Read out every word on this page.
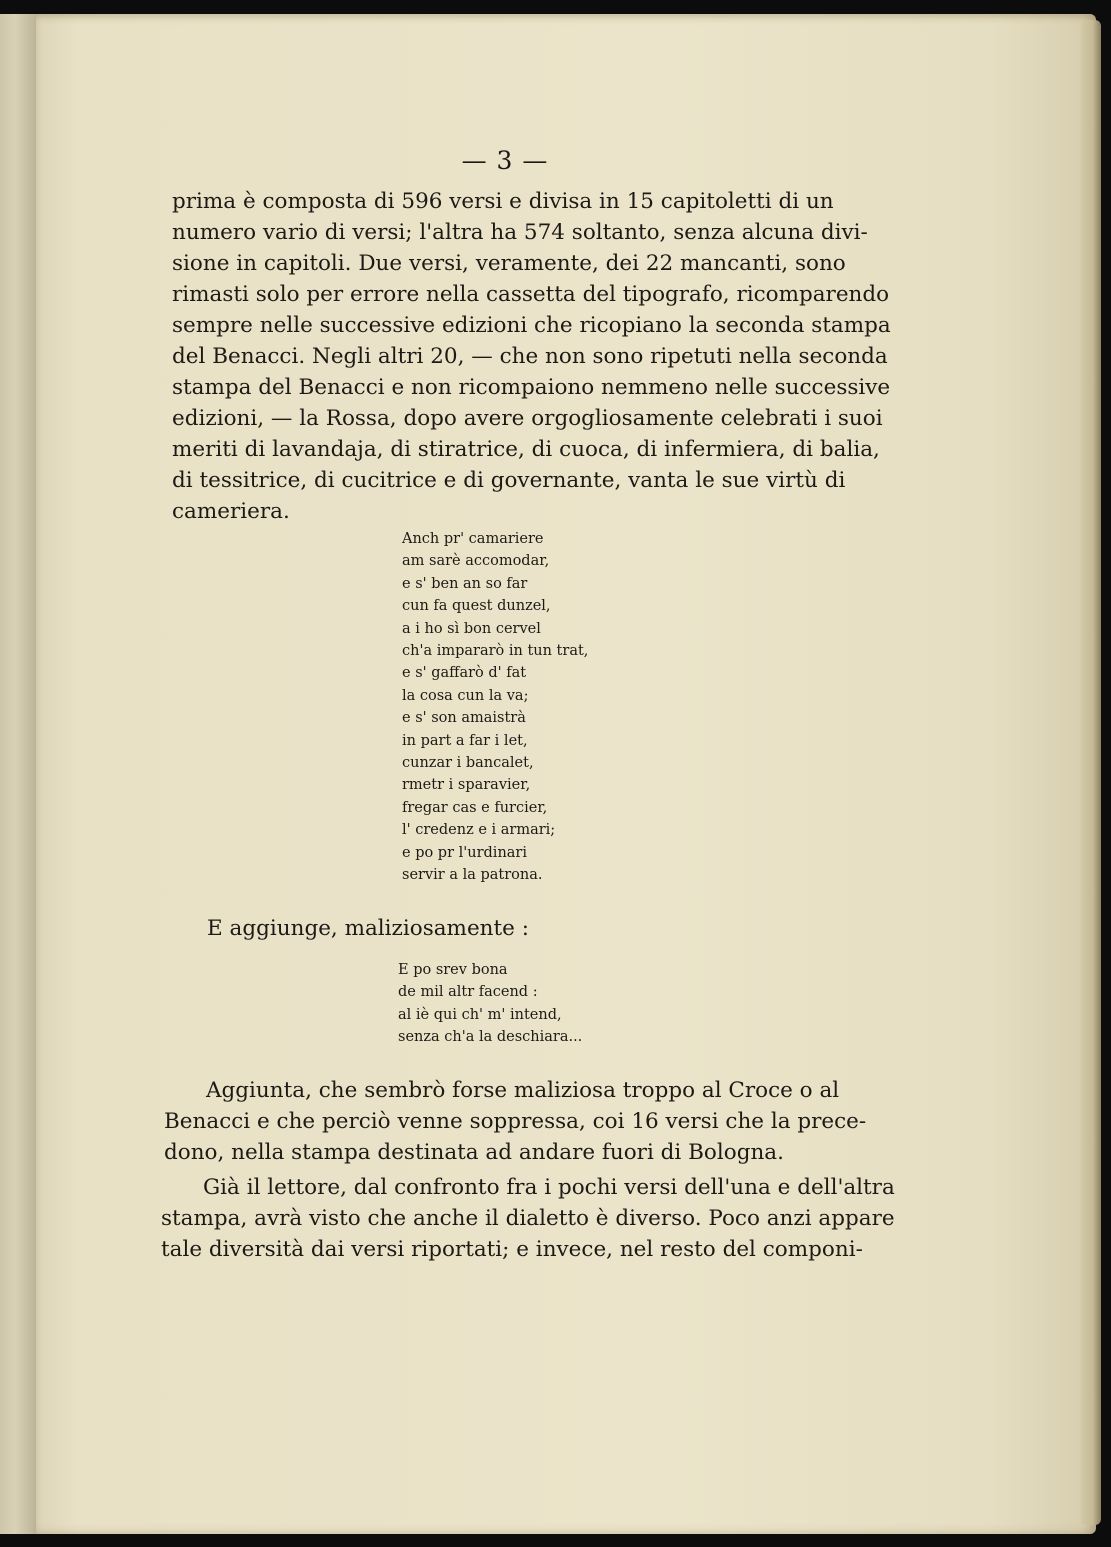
— 3 —

prima è composta di 596 versi e divisa in 15 capitoletti di un
numero vario di versi; l'altra ha 574 soltanto, senza alcuna divi-
sione in capitoli. Due versi, veramente, dei 22 mancanti, sono
rimasti solo per errore nella cassetta del tipografo, ricomparendo
sempre nelle successive edizioni che ricopiano la seconda stampa
del Benacci. Negli altri 20, — che non sono ripetuti nella seconda
stampa del Benacci e non ricompaiono nemmeno nelle successive
edizioni, — la Rossa, dopo avere orgogliosamente celebrati i suoi
meriti di lavandaja, di stiratrice, di cuoca, di infermiera, di balia,
di tessitrice, di cucitrice e di governante, vanta le sue virtù di
cameriera.

Anch pr' camariere
am sarè accomodar,
e s' ben an so far
cun fa quest dunzel,
a i ho sì bon cervel
ch'a impararò in tun trat,
e s' gaffarò d' fat
la cosa cun la va;
e s' son amaistrà
in part a far i let,
cunzar i bancalet,
rmetr i sparavier,
fregar cas e furcier,
l' credenz e i armari;
e po pr l'urdinari
servir a la patrona.
E aggiunge, maliziosamente :
E po srev bona
de mil altr facend :
al iè qui ch' m' intend,
senza ch'a la deschiara...

Aggiunta, che sembrò forse maliziosa troppo al Croce o al
Benacci e che perciò venne soppressa, coi 16 versi che la prece-
dono, nella stampa destinata ad andare fuori di Bologna.

Già il lettore, dal confronto fra i pochi versi dell'una e dell'altra
stampa, avrà visto che anche il dialetto è diverso. Poco anzi appare
tale diversità dai versi riportati; e invece, nel resto del componi-
